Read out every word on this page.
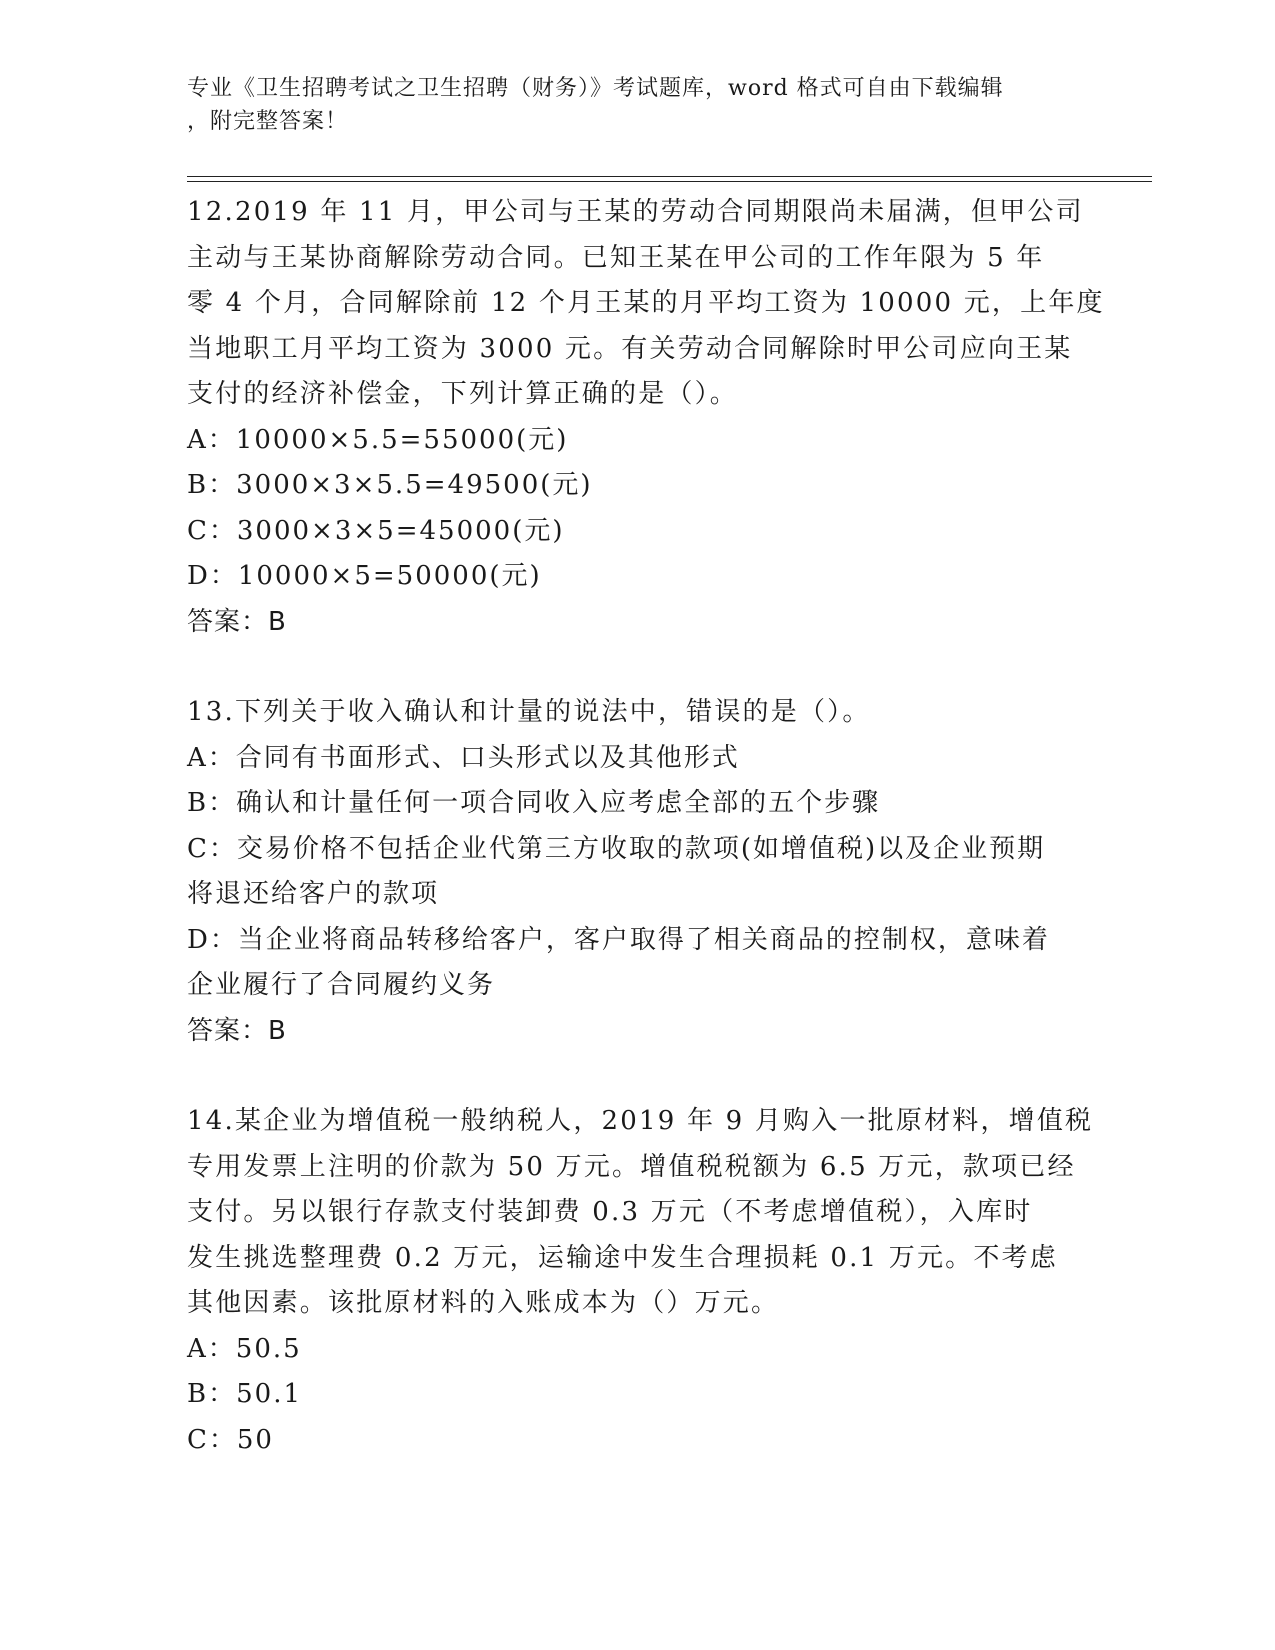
专业《卫生招聘考试之卫生招聘（财务）》考试题库，word 格式可自由下载编辑
，附完整答案！
12.2019 年 11 月，甲公司与王某的劳动合同期限尚未届满，但甲公司
主动与王某协商解除劳动合同。已知王某在甲公司的工作年限为 5 年
零 4 个月，合同解除前 12 个月王某的月平均工资为 10000 元，上年度
当地职工月平均工资为 3000 元。有关劳动合同解除时甲公司应向王某
支付的经济补偿金，下列计算正确的是（）。
A：10000×5.5=55000(元)
B：3000×3×5.5=49500(元)
C：3000×3×5=45000(元)
D：10000×5=50000(元)
答案：B
13.下列关于收入确认和计量的说法中，错误的是（）。
A：合同有书面形式、口头形式以及其他形式
B：确认和计量任何一项合同收入应考虑全部的五个步骤
C：交易价格不包括企业代第三方收取的款项(如增值税)以及企业预期
将退还给客户的款项
D：当企业将商品转移给客户，客户取得了相关商品的控制权，意味着
企业履行了合同履约义务
答案：B
14.某企业为增值税一般纳税人，2019 年 9 月购入一批原材料，增值税
专用发票上注明的价款为 50 万元。增值税税额为 6.5 万元，款项已经
支付。另以银行存款支付装卸费 0.3 万元（不考虑增值税），入库时
发生挑选整理费 0.2 万元，运输途中发生合理损耗 0.1 万元。不考虑
其他因素。该批原材料的入账成本为（）万元。
A：50.5
B：50.1
C：50
